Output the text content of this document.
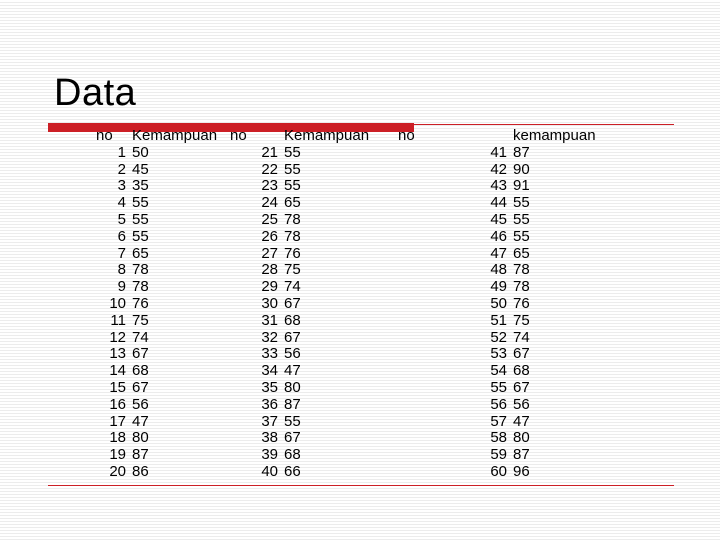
Data
no	Kemampuan	no	Kemampuan	no	kemampuan
1	50	21	55	41	87
2	45	22	55	42	90
3	35	23	55	43	91
4	55	24	65	44	55
5	55	25	78	45	55
6	55	26	78	46	55
7	65	27	76	47	65
8	78	28	75	48	78
9	78	29	74	49	78
10	76	30	67	50	76
11	75	31	68	51	75
12	74	32	67	52	74
13	67	33	56	53	67
14	68	34	47	54	68
15	67	35	80	55	67
16	56	36	87	56	56
17	47	37	55	57	47
18	80	38	67	58	80
19	87	39	68	59	87
20	86	40	66	60	96
